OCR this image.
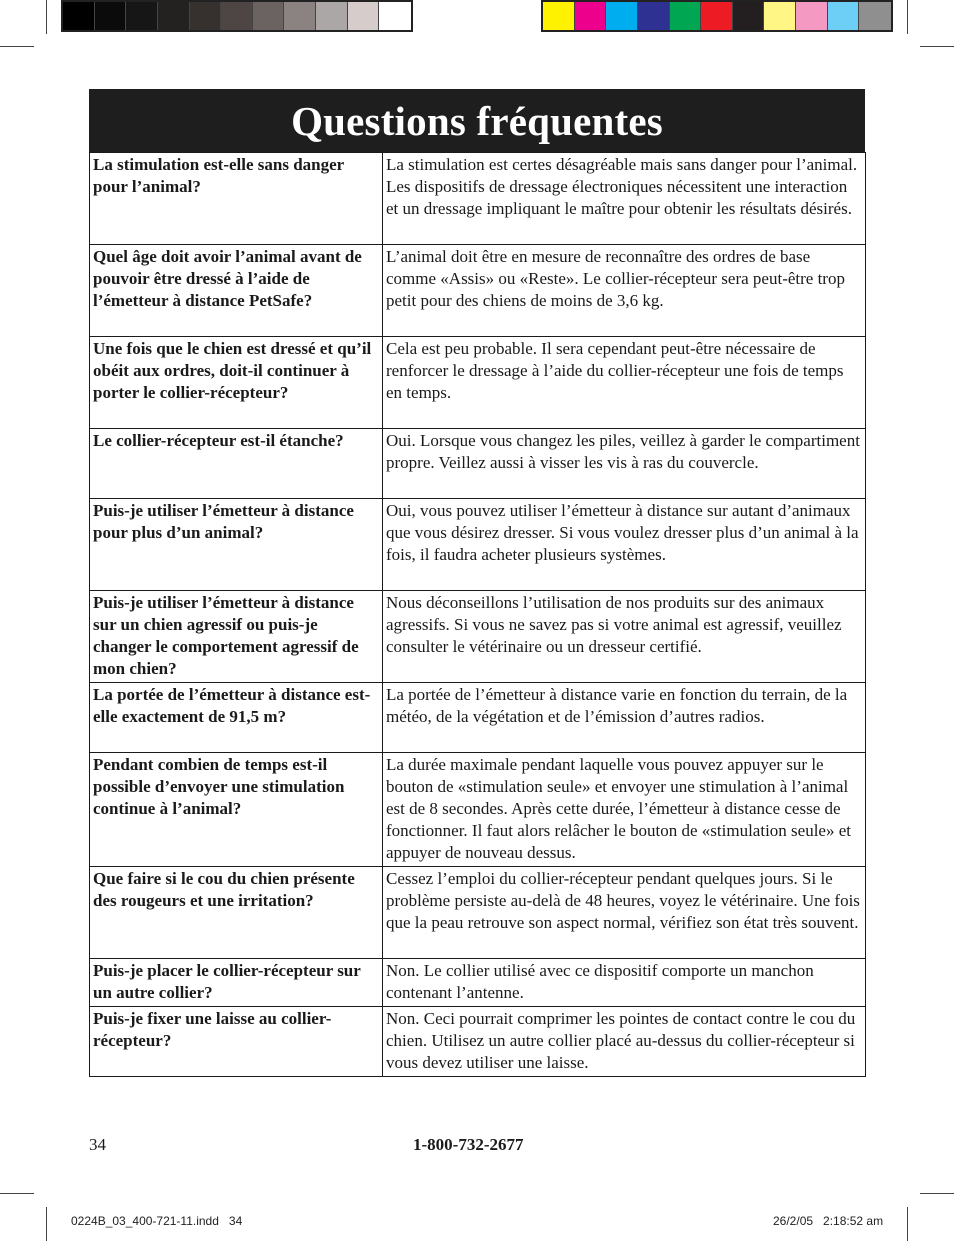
Questions fréquentes
La stimulation est-elle sans danger pour l’animal?	La stimulation est certes désagréable mais sans danger pour l’animal. Les dispositifs de dressage électroniques nécessitent une interaction et un dressage impliquant le maître pour obtenir les résultats désirés.
Quel âge doit avoir l’animal avant de pouvoir être dressé à l’aide de l’émetteur à distance PetSafe?	L’animal doit être en mesure de reconnaître des ordres de base comme «Assis» ou «Reste». Le collier-récepteur sera peut-être trop petit pour des chiens de moins de 3,6 kg.
Une fois que le chien est dressé et qu’il obéit aux ordres, doit-il continuer à porter le collier-récepteur?	Cela est peu probable. Il sera cependant peut-être nécessaire de renforcer le dressage à l’aide du collier-récepteur une fois de temps en temps.
Le collier-récepteur est-il étanche?	Oui. Lorsque vous changez les piles, veillez à garder le compartiment propre. Veillez aussi à visser les vis à ras du couvercle.
Puis-je utiliser l’émetteur à distance pour plus d’un animal?	Oui, vous pouvez utiliser l’émetteur à distance sur autant d’animaux que vous désirez dresser. Si vous voulez dresser plus d’un animal à la fois, il faudra acheter plusieurs systèmes.
Puis-je utiliser l’émetteur à distance sur un chien agressif ou puis-je changer le comportement agressif de mon chien?	Nous déconseillons l’utilisation de nos produits sur des animaux agressifs. Si vous ne savez pas si votre animal est agressif, veuillez consulter le vétérinaire ou un dresseur certifié.
La portée de l’émetteur à distance est-elle exactement de 91,5 m?	La portée de l’émetteur à distance varie en fonction du terrain, de la météo, de la végétation et de l’émission d’autres radios.
Pendant combien de temps est-il possible d’envoyer une stimulation continue à l’animal?	La durée maximale pendant laquelle vous pouvez appuyer sur le bouton de «stimulation seule» et envoyer une stimulation à l’animal est de 8 secondes. Après cette durée, l’émetteur à distance cesse de fonctionner. Il faut alors relâcher le bouton de «stimulation seule» et appuyer de nouveau dessus.
Que faire si le cou du chien présente des rougeurs et une irritation?	Cessez l’emploi du collier-récepteur pendant quelques jours. Si le problème persiste au-delà de 48 heures, voyez le vétérinaire. Une fois que la peau retrouve son aspect normal, vérifiez son état très souvent.
Puis-je placer le collier-récepteur sur un autre collier?	Non. Le collier utilisé avec ce dispositif comporte un manchon contenant l’antenne.
Puis-je fixer une laisse au collier-récepteur?	Non. Ceci pourrait comprimer les pointes de contact contre le cou du chien. Utilisez un autre collier placé au-dessus du collier-récepteur si vous devez utiliser une laisse.
34	1-800-732-2677
0224B_03_400-721-11.indd   34	26/2/05   2:18:52 am
